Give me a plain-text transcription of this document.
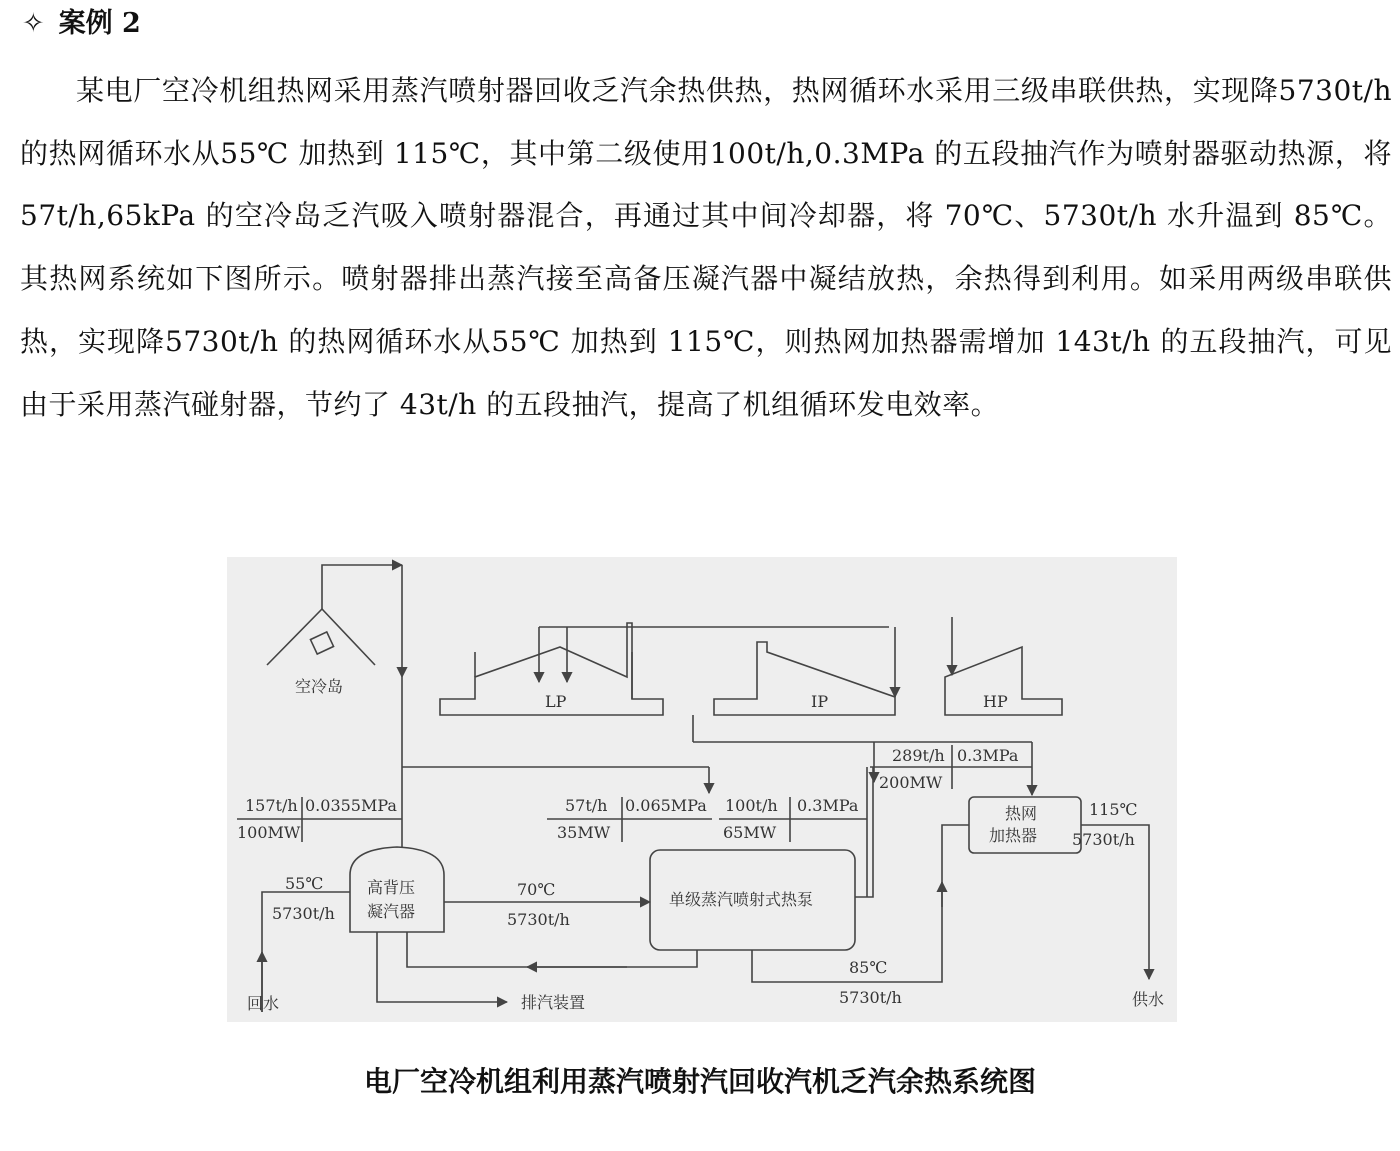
✧ 案例 2

某电厂空冷机组热网采用蒸汽喷射器回收乏汽余热供热，热网循环水采用三级串联供热，实现降5730t/h 的热网循环水从55℃ 加热到 115℃，其中第二级使用100t/h,0.3MPa 的五段抽汽作为喷射器驱动热源，将57t/h,65kPa 的空冷岛乏汽吸入喷射器混合，再通过其中间冷却器，将 70℃、5730t/h 水升温到 85℃。其热网系统如下图所示。喷射器排出蒸汽接至高备压凝汽器中凝结放热，余热得到利用。如采用两级串联供热，实现降5730t/h 的热网循环水从55℃ 加热到 115℃，则热网加热器需增加 143t/h 的五段抽汽，可见由于采用蒸汽碰射器，节约了 43t/h 的五段抽汽，提高了机组循环发电效率。

空冷岛
LP	IP	HP
157t/h 0.0355MPa
100MW
57t/h 0.065MPa
35MW
100t/h 0.3MPa
65MW
289t/h 0.3MPa
200MW
高背压
凝汽器
单级蒸汽喷射式热泵
热网
加热器
55℃
5730t/h
70℃
5730t/h
85℃
5730t/h
115℃
5730t/h
回水	排汽装置	供水
电厂空冷机组利用蒸汽喷射汽回收汽机乏汽余热系统图
